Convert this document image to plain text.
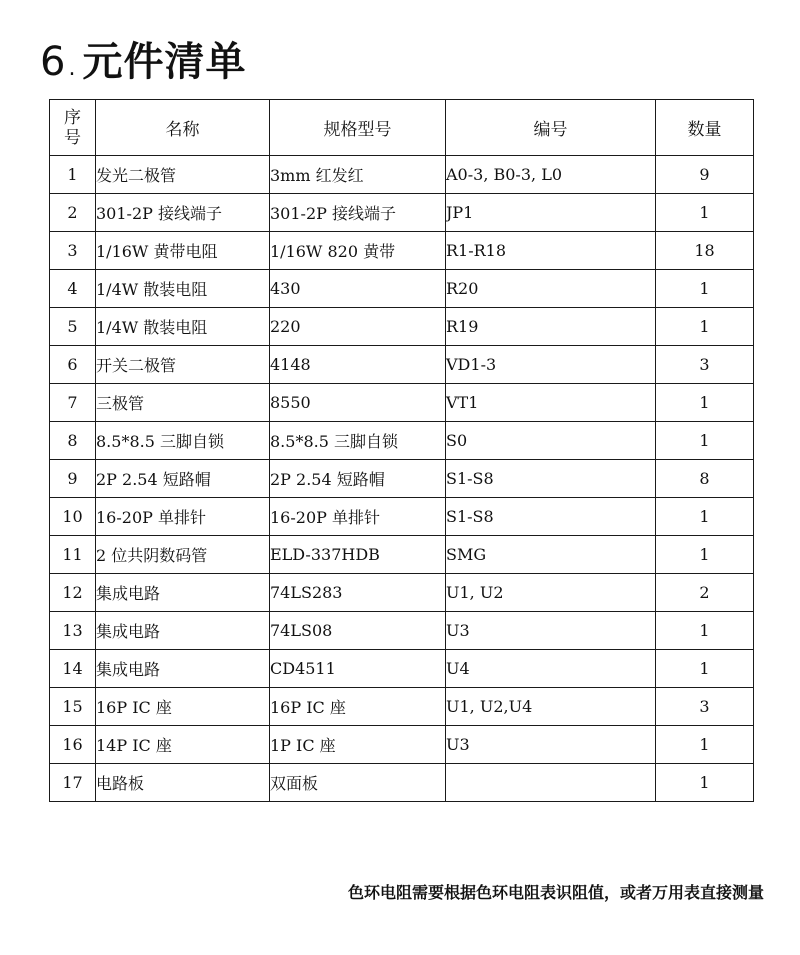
6. 元件清单
序
号	名称	规格型号	编号	数量
1	发光二极管	3mm 红发红	A0-3, B0-3, L0	9
2	301-2P 接线端子	301-2P 接线端子	JP1	1
3	1/16W 黄带电阻	1/16W 820 黄带	R1-R18	18
4	1/4W 散装电阻	430	R20	1
5	1/4W 散装电阻	220	R19	1
6	开关二极管	4148	VD1-3	3
7	三极管	8550	VT1	1
8	8.5*8.5 三脚自锁	8.5*8.5 三脚自锁	S0	1
9	2P 2.54 短路帽	2P 2.54 短路帽	S1-S8	8
10	16-20P 单排针	16-20P 单排针	S1-S8	1
11	2 位共阴数码管	ELD-337HDB	SMG	1
12	集成电路	74LS283	U1, U2	2
13	集成电路	74LS08	U3	1
14	集成电路	CD4511	U4	1
15	16P IC 座	16P IC 座	U1, U2,U4	3
16	14P IC 座	1P IC 座	U3	1
17	电路板	双面板		1
色环电阻需要根据色环电阻表识阻值，或者万用表直接测量
